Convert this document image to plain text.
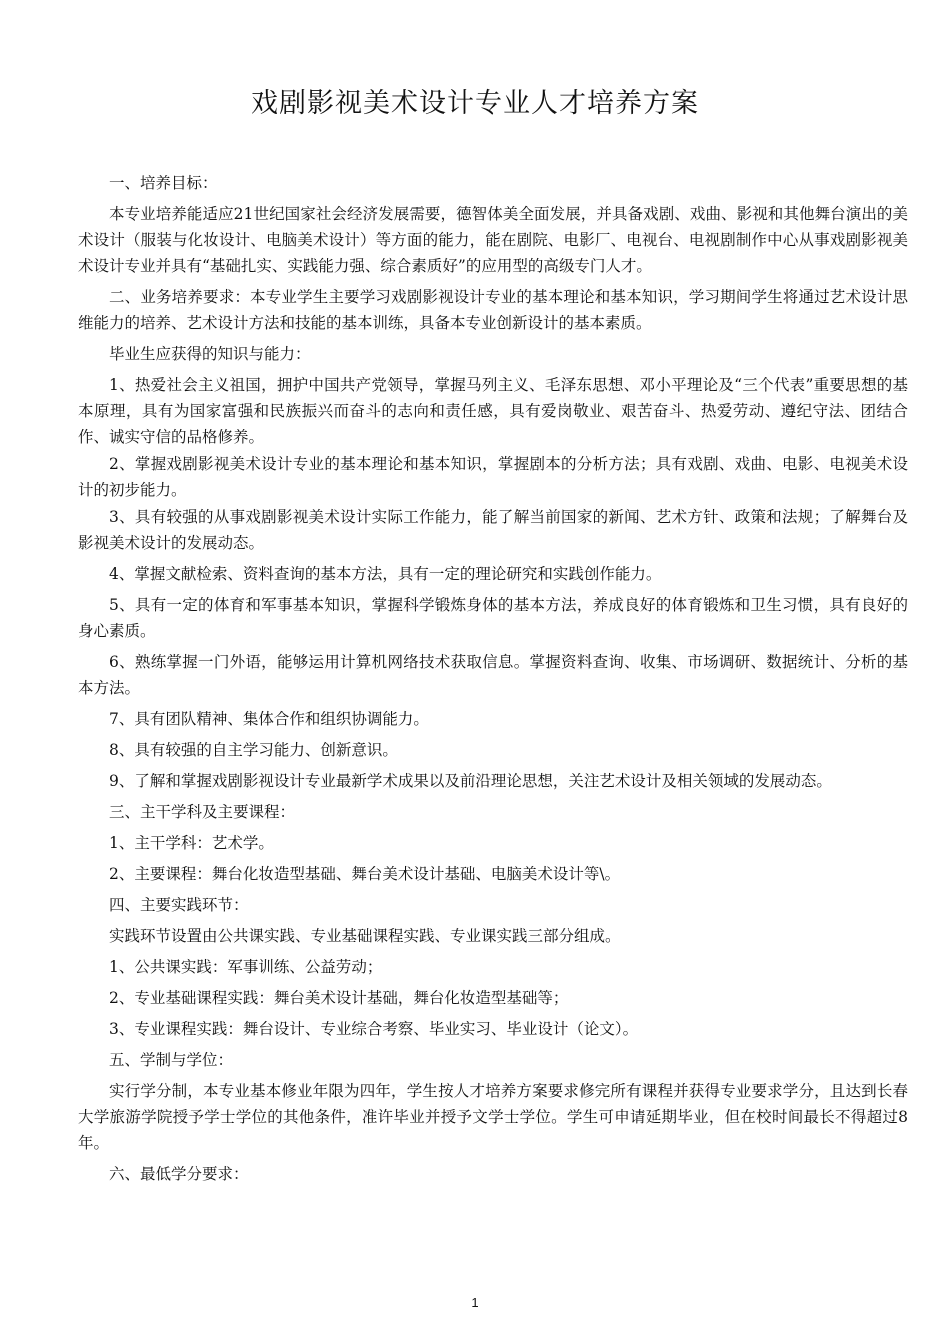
戏剧影视美术设计专业人才培养方案

一、培养目标：

本专业培养能适应21世纪国家社会经济发展需要，德智体美全面发展，并具备戏剧、戏曲、影视和其他舞台演出的美术设计（服装与化妆设计、电脑美术设计）等方面的能力，能在剧院、电影厂、电视台、电视剧制作中心从事戏剧影视美术设计专业并具有“基础扎实、实践能力强、综合素质好”的应用型的高级专门人才。

二、业务培养要求：本专业学生主要学习戏剧影视设计专业的基本理论和基本知识，学习期间学生将通过艺术设计思维能力的培养、艺术设计方法和技能的基本训练，具备本专业创新设计的基本素质。

毕业生应获得的知识与能力：

1、热爱社会主义祖国，拥护中国共产党领导，掌握马列主义、毛泽东思想、邓小平理论及“三个代表”重要思想的基本原理，具有为国家富强和民族振兴而奋斗的志向和责任感，具有爱岗敬业、艰苦奋斗、热爱劳动、遵纪守法、团结合作、诚实守信的品格修养。

2、掌握戏剧影视美术设计专业的基本理论和基本知识，掌握剧本的分析方法；具有戏剧、戏曲、电影、电视美术设计的初步能力。

3、具有较强的从事戏剧影视美术设计实际工作能力，能了解当前国家的新闻、艺术方针、政策和法规；了解舞台及影视美术设计的发展动态。

4、掌握文献检索、资料查询的基本方法，具有一定的理论研究和实践创作能力。

5、具有一定的体育和军事基本知识，掌握科学锻炼身体的基本方法，养成良好的体育锻炼和卫生习惯，具有良好的身心素质。

6、熟练掌握一门外语，能够运用计算机网络技术获取信息。掌握资料查询、收集、市场调研、数据统计、分析的基本方法。

7、具有团队精神、集体合作和组织协调能力。

8、具有较强的自主学习能力、创新意识。

9、了解和掌握戏剧影视设计专业最新学术成果以及前沿理论思想，关注艺术设计及相关领域的发展动态。

三、主干学科及主要课程：

1、主干学科：艺术学。

2、主要课程：舞台化妆造型基础、舞台美术设计基础、电脑美术设计等\。

四、主要实践环节：

实践环节设置由公共课实践、专业基础课程实践、专业课实践三部分组成。

1、公共课实践：军事训练、公益劳动；

2、专业基础课程实践：舞台美术设计基础，舞台化妆造型基础等；

3、专业课程实践：舞台设计、专业综合考察、毕业实习、毕业设计（论文）。

五、学制与学位：

实行学分制，本专业基本修业年限为四年，学生按人才培养方案要求修完所有课程并获得专业要求学分，且达到长春大学旅游学院授予学士学位的其他条件，准许毕业并授予文学士学位。学生可申请延期毕业，但在校时间最长不得超过8年。

六、最低学分要求：

1
